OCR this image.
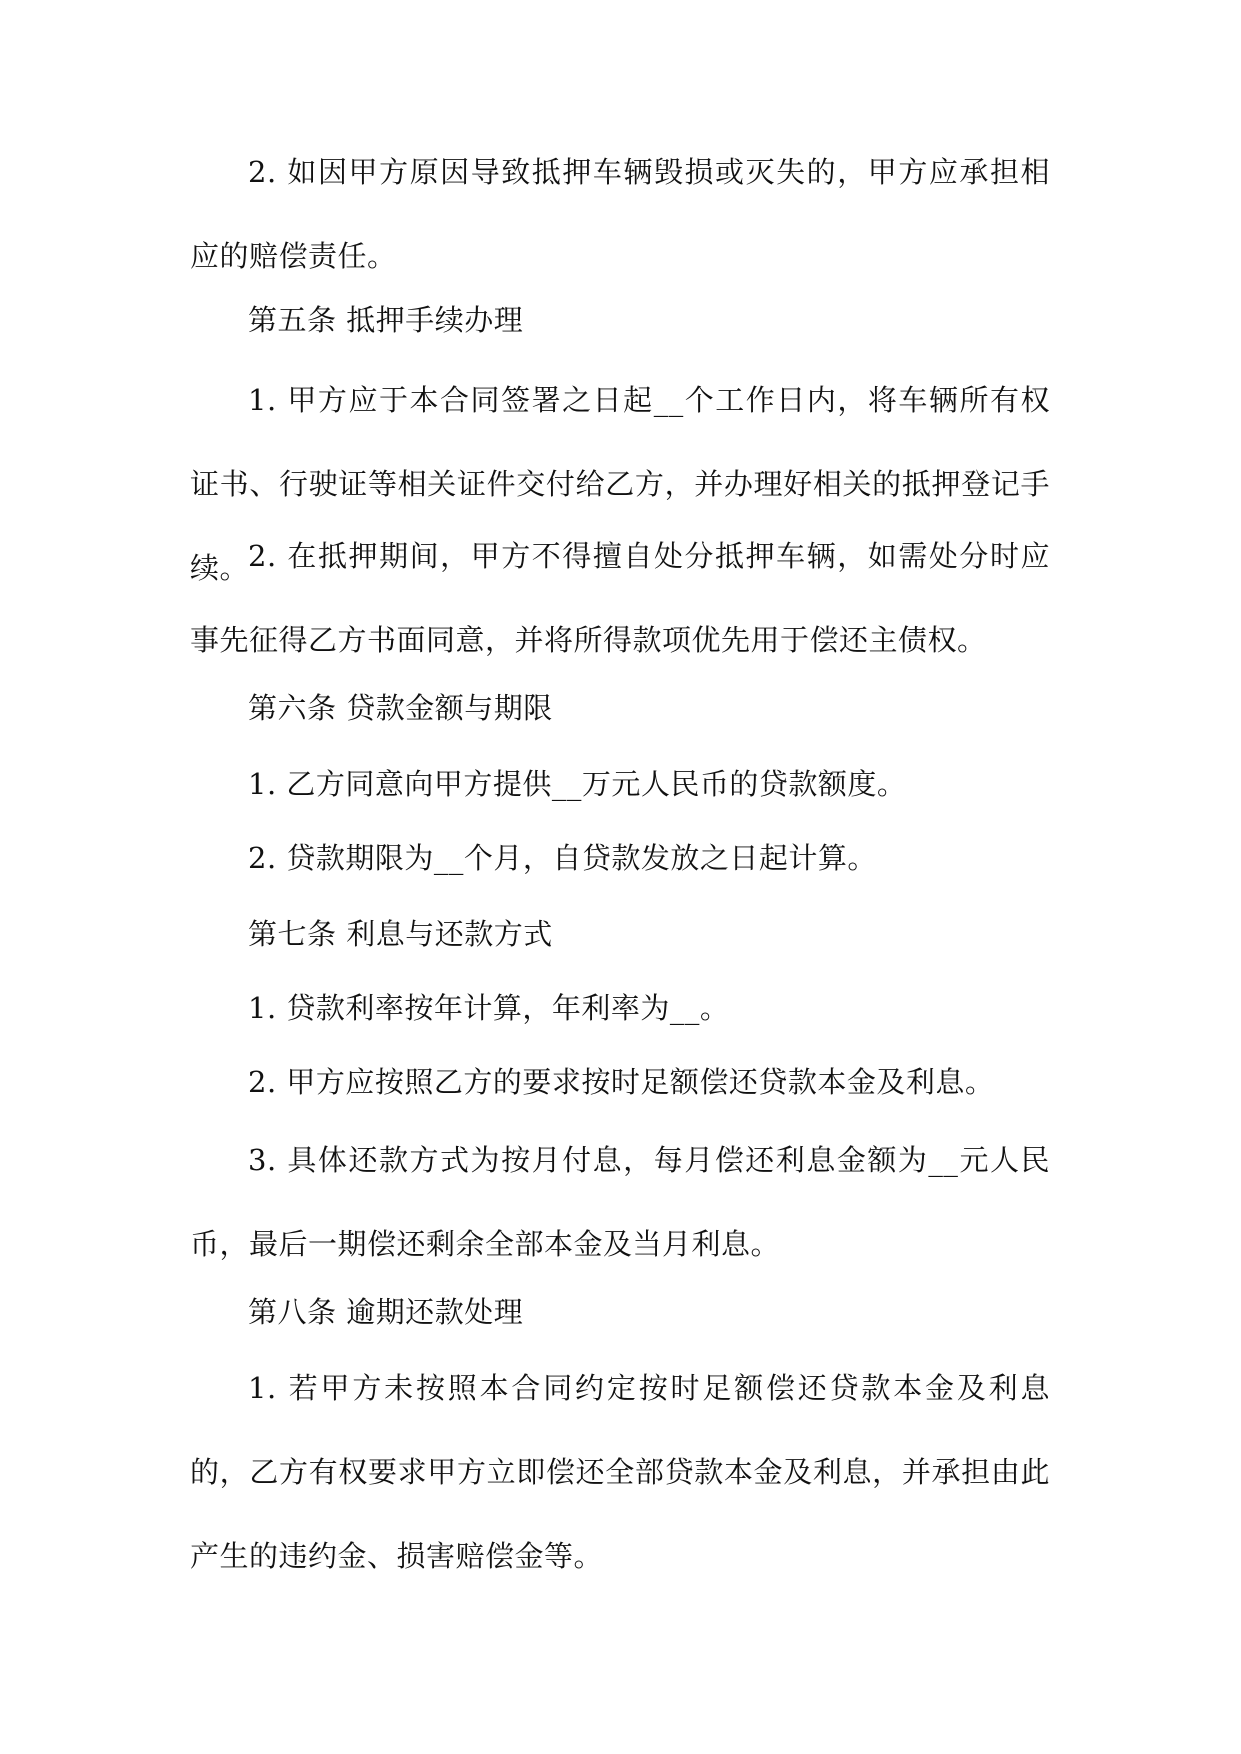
2. 如因甲方原因导致抵押车辆毁损或灭失的，甲方应承担相应的赔偿责任。

第五条 抵押手续办理

1. 甲方应于本合同签署之日起__个工作日内，将车辆所有权证书、行驶证等相关证件交付给乙方，并办理好相关的抵押登记手续。

2. 在抵押期间，甲方不得擅自处分抵押车辆，如需处分时应事先征得乙方书面同意，并将所得款项优先用于偿还主债权。

第六条 贷款金额与期限

1. 乙方同意向甲方提供__万元人民币的贷款额度。

2. 贷款期限为__个月，自贷款发放之日起计算。

第七条 利息与还款方式

1. 贷款利率按年计算，年利率为__。

2. 甲方应按照乙方的要求按时足额偿还贷款本金及利息。

3. 具体还款方式为按月付息，每月偿还利息金额为__元人民币，最后一期偿还剩余全部本金及当月利息。

第八条 逾期还款处理

1. 若甲方未按照本合同约定按时足额偿还贷款本金及利息的，乙方有权要求甲方立即偿还全部贷款本金及利息，并承担由此产生的违约金、损害赔偿金等。
